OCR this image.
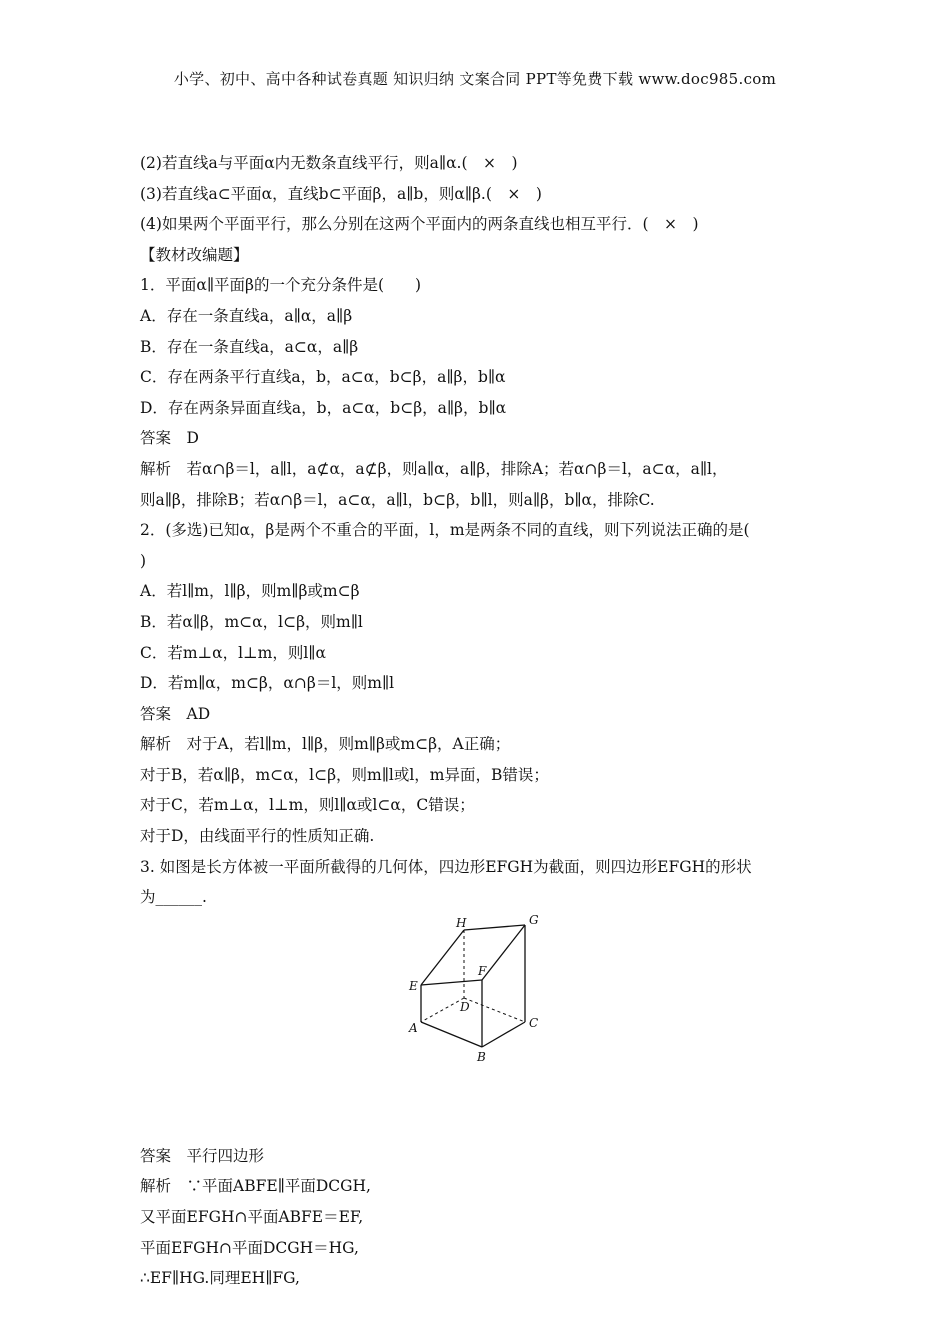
小学、初中、高中各种试卷真题 知识归纳 文案合同 PPT等免费下载 www.doc985.com
(2)若直线a与平面α内无数条直线平行，则a∥α.(　×　)
(3)若直线a⊂平面α，直线b⊂平面β，a∥b，则α∥β.(　×　)
(4)如果两个平面平行，那么分别在这两个平面内的两条直线也相互平行．(　×　)
【教材改编题】
1．平面α∥平面β的一个充分条件是(　　)
A．存在一条直线a，a∥α，a∥β
B．存在一条直线a，a⊂α，a∥β
C．存在两条平行直线a，b，a⊂α，b⊂β，a∥β，b∥α
D．存在两条异面直线a，b，a⊂α，b⊂β，a∥β，b∥α
答案　D
解析　若α∩β＝l，a∥l，a⊄α，a⊄β，则a∥α，a∥β，排除A；若α∩β＝l，a⊂α，a∥l，
则a∥β，排除B；若α∩β＝l，a⊂α，a∥l，b⊂β，b∥l，则a∥β，b∥α，排除C.
2．(多选)已知α，β是两个不重合的平面，l，m是两条不同的直线，则下列说法正确的是(
)
A．若l∥m，l∥β，则m∥β或m⊂β
B．若α∥β，m⊂α，l⊂β，则m∥l
C．若m⊥α，l⊥m，则l∥α
D．若m∥α，m⊂β，α∩β＝l，则m∥l
答案　AD
解析　对于A，若l∥m，l∥β，则m∥β或m⊂β，A正确；
对于B，若α∥β，m⊂α，l⊂β，则m∥l或l，m异面，B错误；
对于C，若m⊥α，l⊥m，则l∥α或l⊂α，C错误；
对于D，由线面平行的性质知正确.
3. 如图是长方体被一平面所截得的几何体，四边形EFGH为截面，则四边形EFGH的形状
为______.
H	G
E
F
D
A	C
B
答案　平行四边形
解析　∵平面ABFE∥平面DCGH,
又平面EFGH∩平面ABFE＝EF,
平面EFGH∩平面DCGH＝HG,
∴EF∥HG.同理EH∥FG,
